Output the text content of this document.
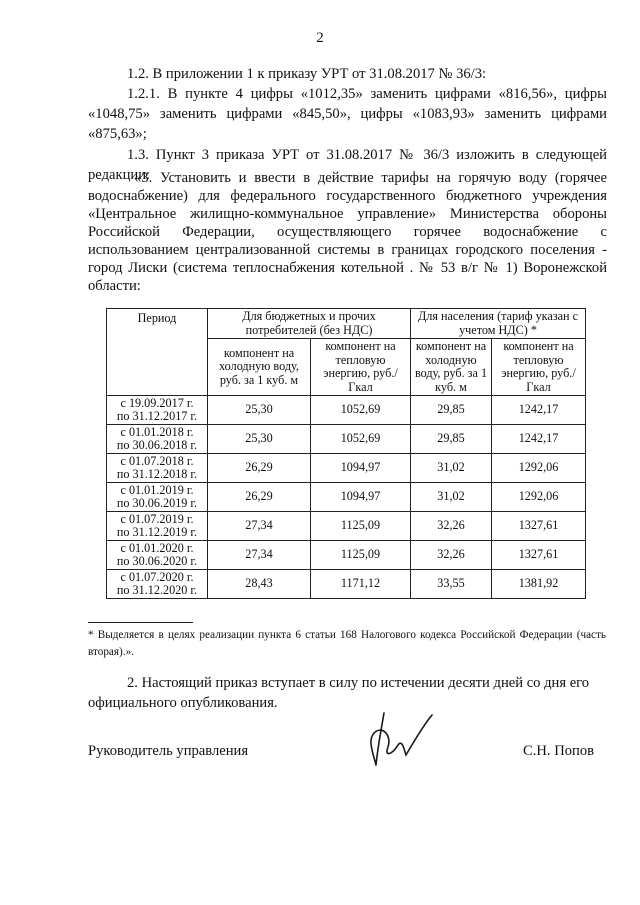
2
1.2. В приложении 1 к приказу УРТ от 31.08.2017 № 36/3:
1.2.1. В пункте 4 цифры «1012,35» заменить цифрами «816,56», цифры
«1048,75» заменить цифрами «845,50», цифры «1083,93» заменить цифрами
«875,63»;
1.3. Пункт 3 приказа УРТ от 31.08.2017 № 36/3 изложить в следующей
редакции:
«3. Установить и ввести в действие тарифы на горячую воду (горячее
водоснабжение) для федерального государственного бюджетного учреждения
«Центральное жилищно-коммунальное управление» Министерства обороны
Российской Федерации, осуществляющего горячее водоснабжение с
использованием централизованной системы в границах городского поселения -
город Лиски (система теплоснабжения котельной . № 53 в/г № 1) Воронежской
Период	Для бюджетных и прочих потребителей (без НДС)		Для населения (тариф указан с учетом НДС) *	
	компонент на холодную воду, руб. за 1 куб. м	компонент на тепловую энергию, руб./Гкал	компонент на холодную воду, руб. за 1 куб. м	компонент на тепловую энергию, руб./Гкал

с 19.09.2017 г.
по 31.12.2017 г.	25,30	1052,69	29,85	1242,17

с 01.01.2018 г.
по 30.06.2018 г.	25,30	1052,69	29,85	1242,17

с 01.07.2018 г.
по 31.12.2018 г.	26,29	1094,97	31,02	1292,06

с 01.01.2019 г.
по 30.06.2019 г.	26,29	1094,97	31,02	1292,06

с 01.07.2019 г.
по 31.12.2019 г.	27,34	1125,09	32,26	1327,61

с 01.01.2020 г.
по 30.06.2020 г.	27,34	1125,09	32,26	1327,61

с 01.07.2020 г.
по 31.12.2020 г.	28,43	1171,12	33,55	1381,92
* Выделяется в целях реализации пункта 6 статьи 168 Налогового кодекса Российской Федерации (часть вторая).».
2. Настоящий приказ вступает в силу по истечении десяти дней со дня его
официального опубликования.
Руководитель управления	С.Н. Попов
области:
